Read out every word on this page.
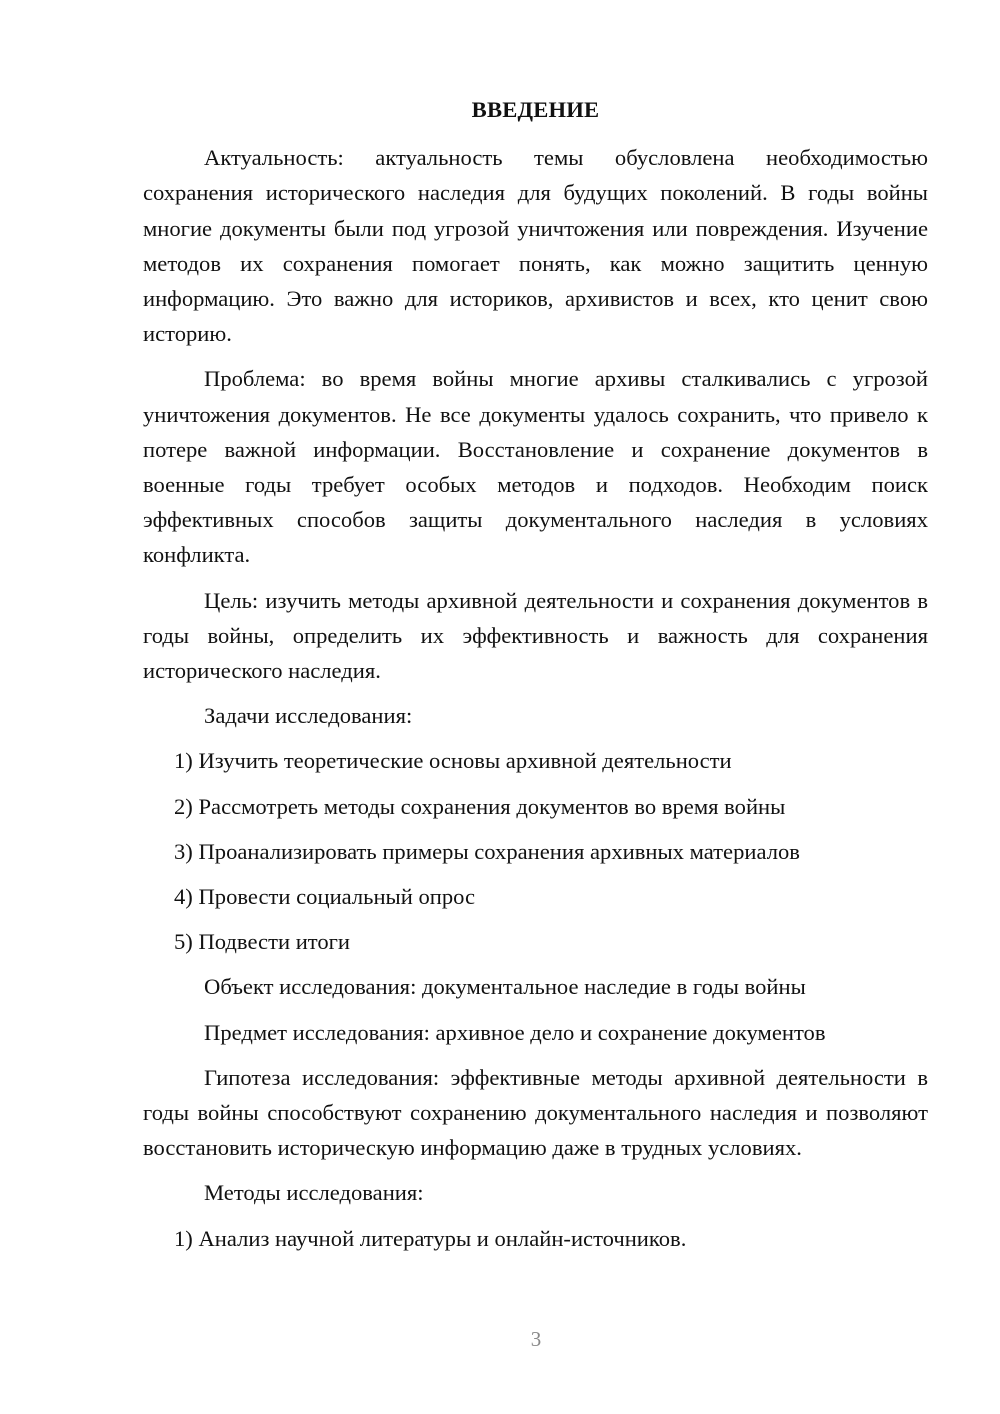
ВВЕДЕНИЕ
Актуальность: актуальность темы обусловлена необходимостью сохранения исторического наследия для будущих поколений. В годы войны многие документы были под угрозой уничтожения или повреждения. Изучение методов их сохранения помогает понять, как можно защитить ценную информацию. Это важно для историков, архивистов и всех, кто ценит свою историю.
Проблема: во время войны многие архивы сталкивались с угрозой уничтожения документов. Не все документы удалось сохранить, что привело к потере важной информации. Восстановление и сохранение документов в военные годы требует особых методов и подходов. Необходим поиск эффективных способов защиты документального наследия в условиях конфликта.
Цель: изучить методы архивной деятельности и сохранения документов в годы войны, определить их эффективность и важность для сохранения исторического наследия.
Задачи исследования:
1) Изучить теоретические основы архивной деятельности
2) Рассмотреть методы сохранения документов во время войны
3) Проанализировать примеры сохранения архивных материалов
4) Провести социальный опрос
5) Подвести итоги
Объект исследования: документальное наследие в годы войны
Предмет исследования: архивное дело и сохранение документов
Гипотеза исследования: эффективные методы архивной деятельности в годы войны способствуют сохранению документального наследия и позволяют восстановить историческую информацию даже в трудных условиях.
Методы исследования:
1) Анализ научной литературы и онлайн-источников.
3
